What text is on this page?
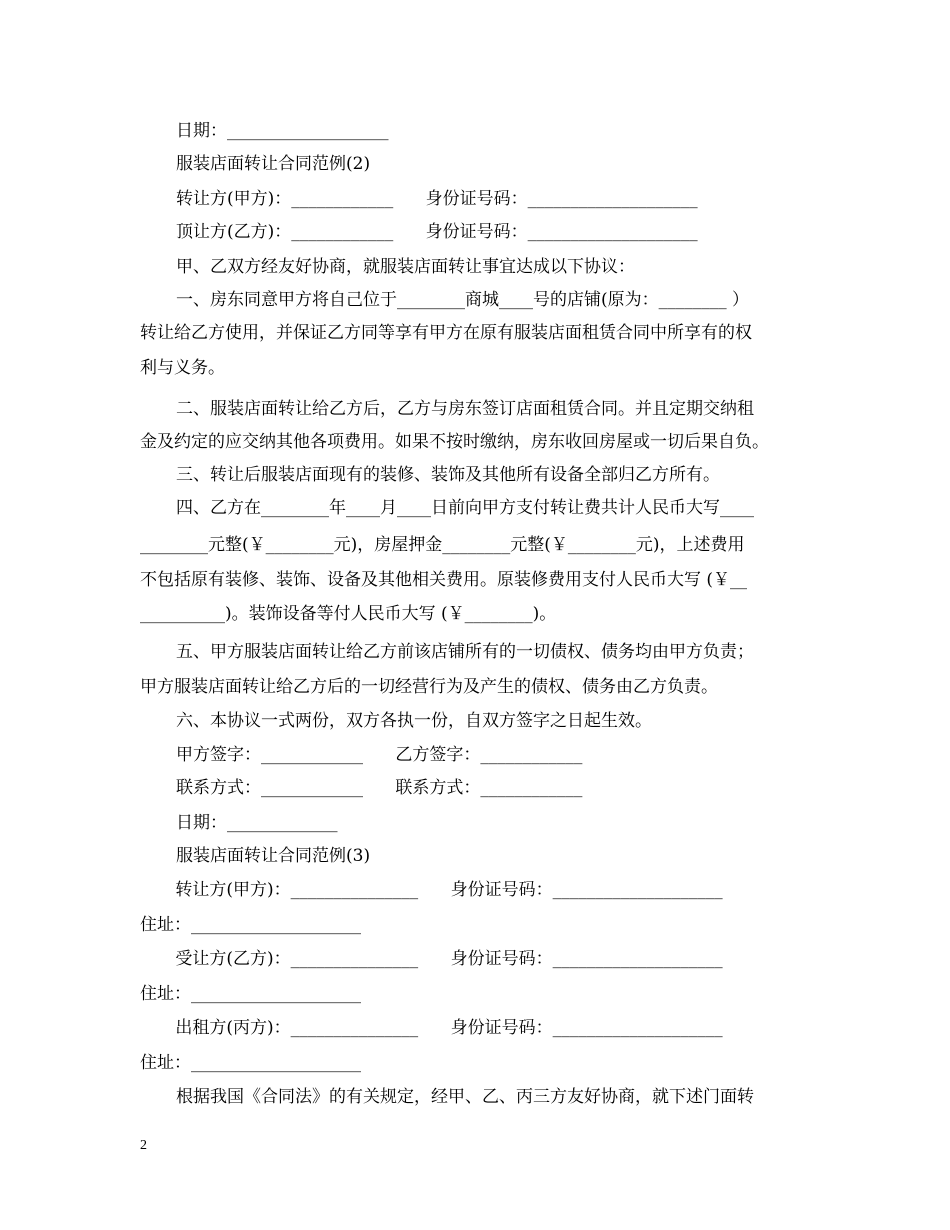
日期：___________________
服装店面转让合同范例(2)
转让方(甲方)：____________      身份证号码：____________________
顶让方(乙方)：____________      身份证号码：____________________
甲、乙双方经友好协商，就服装店面转让事宜达成以下协议：
一、房东同意甲方将自己位于________商城____号的店铺(原为：________ ）
转让给乙方使用，并保证乙方同等享有甲方在原有服装店面租赁合同中所享有的权
利与义务。
二、服装店面转让给乙方后，乙方与房东签订店面租赁合同。并且定期交纳租
金及约定的应交纳其他各项费用。如果不按时缴纳，房东收回房屋或一切后果自负。
三、转让后服装店面现有的装修、装饰及其他所有设备全部归乙方所有。
四、乙方在________年____月____日前向甲方支付转让费共计人民币大写____
________元整(￥________元)，房屋押金________元整(￥________元)，上述费用
不包括原有装修、装饰、设备及其他相关费用。原装修费用支付人民币大写 (￥__
__________)。装饰设备等付人民币大写 (￥________)。
五、甲方服装店面转让给乙方前该店铺所有的一切债权、债务均由甲方负责；
甲方服装店面转让给乙方后的一切经营行为及产生的债权、债务由乙方负责。
六、本协议一式两份，双方各执一份，自双方签字之日起生效。
甲方签字：____________      乙方签字：____________
联系方式：____________      联系方式：____________
日期：_____________
服装店面转让合同范例(3)
转让方(甲方)：_______________      身份证号码：____________________
住址：____________________
受让方(乙方)：_______________      身份证号码：____________________
住址：____________________
出租方(丙方)：_______________      身份证号码：____________________
住址：____________________
根据我国《合同法》的有关规定，经甲、乙、丙三方友好协商，就下述门面转
2
